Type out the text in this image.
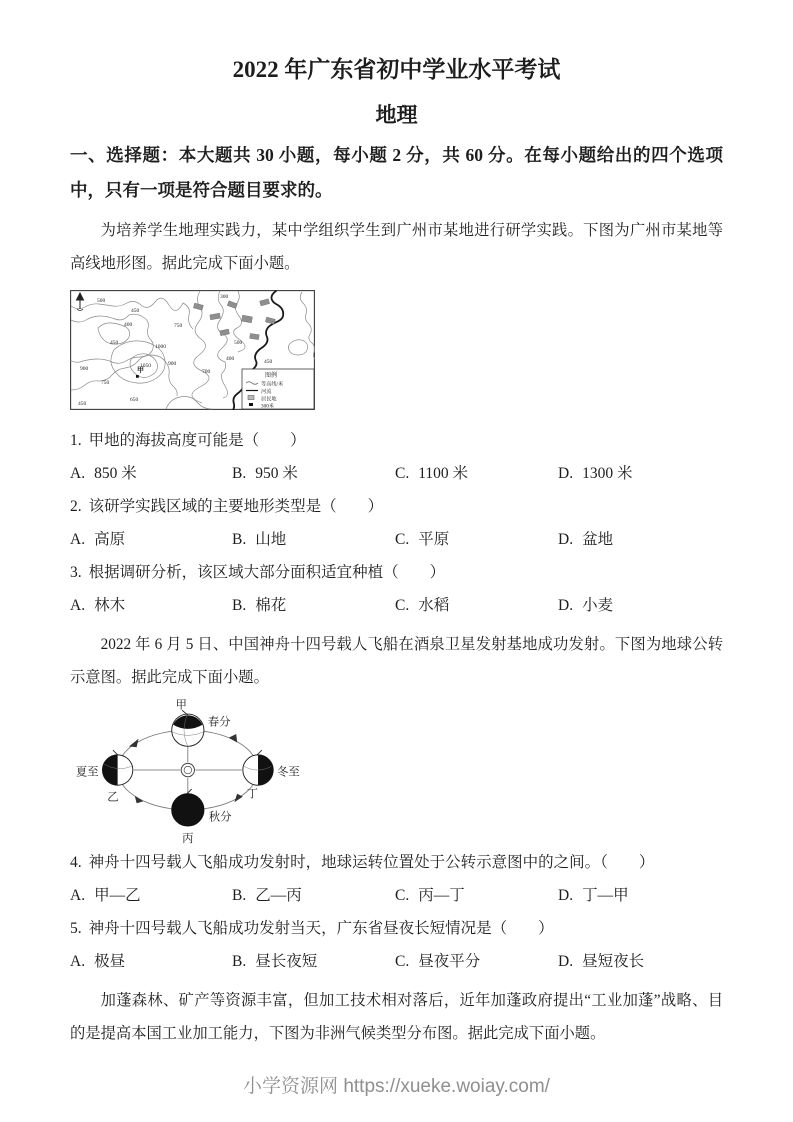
2022 年广东省初中学业水平考试
地理
一、选择题：本大题共 30 小题，每小题 2 分，共 60 分。在每小题给出的四个选项中，只有一项是符合题目要求的。

为培养学生地理实践力，某中学组织学生到广州市某地进行研学实践。下图为广州市某地等高线地形图。据此完成下面小题。

500
450
400
450
1000
1050	900
900
750
650
450
700
750
300
500
400	450
甲
图例
等高线/米
河流
居民地
300米
1. 甲地的海拔高度可能是（　　）
A. 850 米	B. 950 米	C. 1100 米	D. 1300 米
2. 该研学实践区域的主要地形类型是（　　）
A. 高原	B. 山地	C. 平原	D. 盆地
3. 根据调研分析，该区域大部分面积适宜种植（　　）
A. 林木	B. 棉花	C. 水稻	D. 小麦

2022 年 6 月 5 日、中国神舟十四号载人飞船在酒泉卫星发射基地成功发射。下图为地球公转示意图。据此完成下面小题。

甲
春分
夏至
乙
冬至
丁
丙
秋分
4. 神舟十四号载人飞船成功发射时，地球运转位置处于公转示意图中的之间。（　　）
A. 甲—乙	B. 乙—丙	C. 丙—丁	D. 丁—甲
5. 神舟十四号载人飞船成功发射当天，广东省昼夜长短情况是（　　）
A. 极昼	B. 昼长夜短	C. 昼夜平分	D. 昼短夜长

加蓬森林、矿产等资源丰富，但加工技术相对落后，近年加蓬政府提出“工业加蓬”战略、目的是提高本国工业加工能力，下图为非洲气候类型分布图。据此完成下面小题。

小学资源网 https://xueke.woiay.com/
